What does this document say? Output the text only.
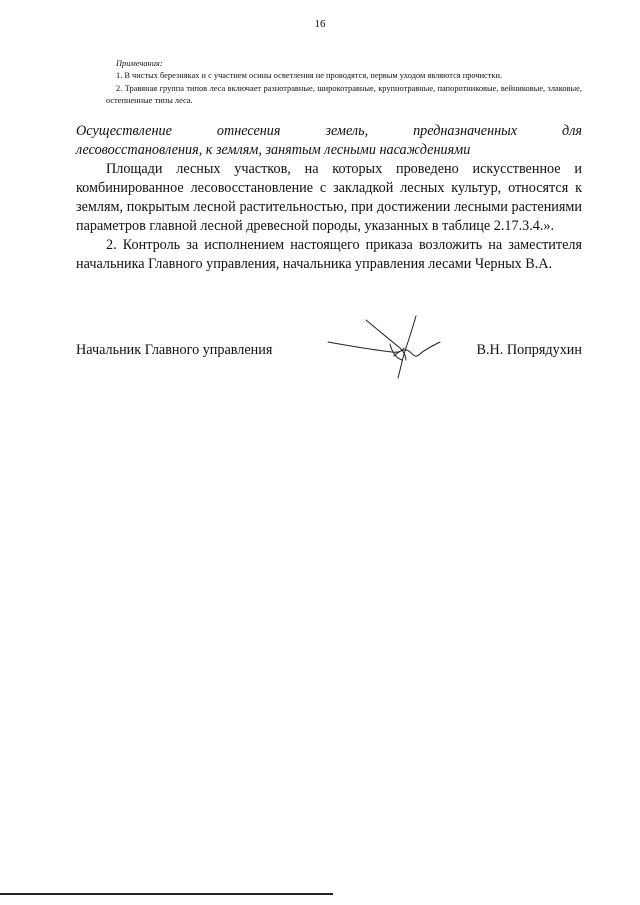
16
Примечания:

1. В чистых березняках и с участием осины осветления не проводятся, первым уходом являются прочистки.

2. Травяная группа типов леса включает разнотравные, широкотравные, крупнотравные, папоротниковые, вейниковые, злаковые, остепненные типы леса.

Осуществление отнесения земель, предназначенных для

лесовосстановления, к землям, занятым лесными насаждениями

Площади лесных участков, на которых проведено искусственное и комбинированное лесовосстановление с закладкой лесных культур, относятся к землям, покрытым лесной растительностью, при достижении лесными растениями параметров главной лесной древесной породы, указанных в таблице 2.17.3.4.».

2. Контроль за исполнением настоящего приказа возложить на заместителя начальника Главного управления, начальника управления лесами Черных В.А.

Начальник Главного управления	В.Н. Попрядухин
